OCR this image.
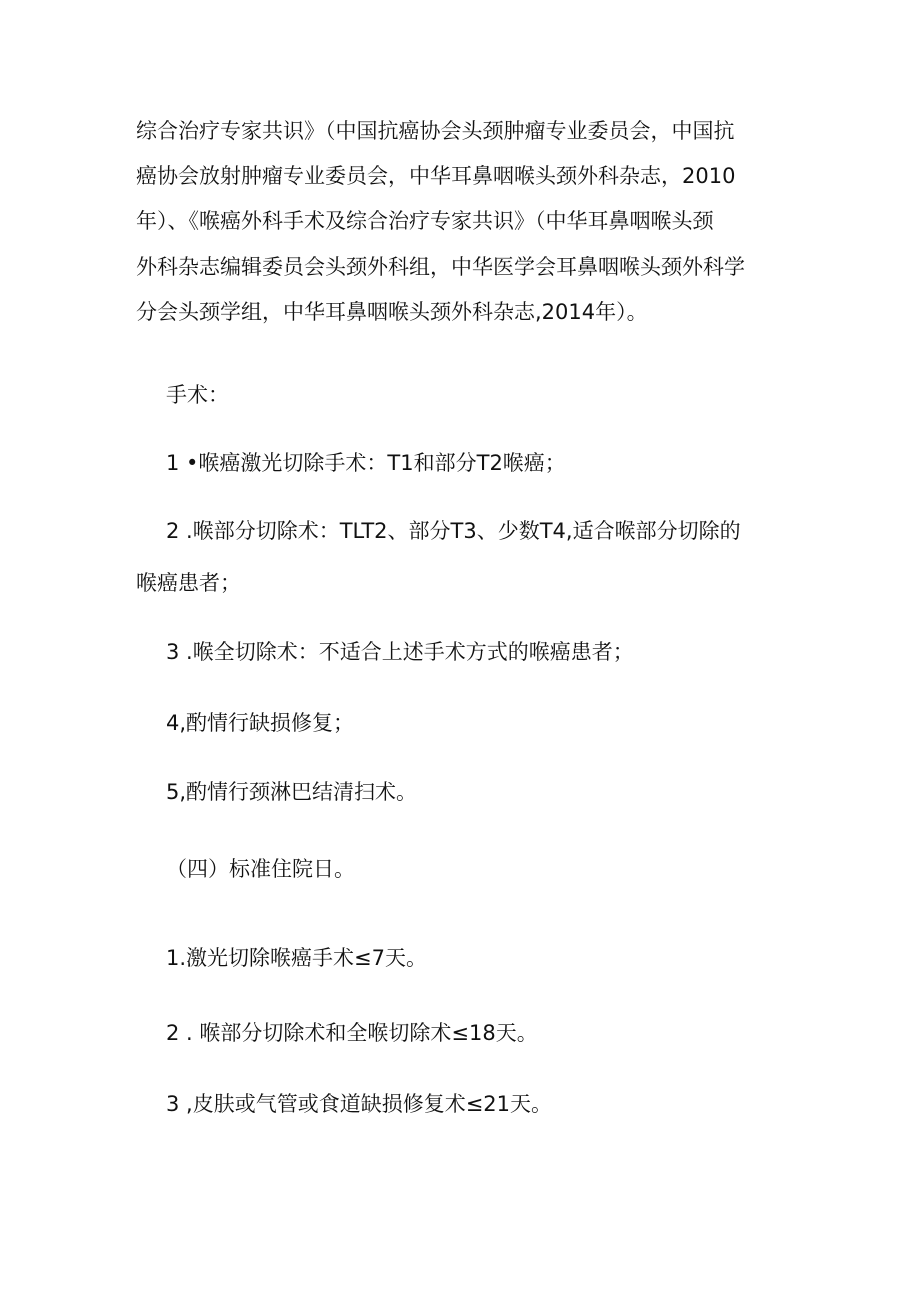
综合治疗专家共识》（中国抗癌协会头颈肿瘤专业委员会，中国抗
癌协会放射肿瘤专业委员会，中华耳鼻咽喉头颈外科杂志，2010
年）、《喉癌外科手术及综合治疗专家共识》（中华耳鼻咽喉头颈
外科杂志编辑委员会头颈外科组，中华医学会耳鼻咽喉头颈外科学
分会头颈学组，中华耳鼻咽喉头颈外科杂志,2014年）。
手术：
1 •喉癌激光切除手术：T1和部分T2喉癌；
2 .喉部分切除术：TLT2、部分T3、少数T4,适合喉部分切除的
喉癌患者；
3 .喉全切除术：不适合上述手术方式的喉癌患者；
4,酌情行缺损修复；
5,酌情行颈淋巴结清扫术。
（四）标准住院日。
1.激光切除喉癌手术≤7天。
2 . 喉部分切除术和全喉切除术≤18天。
3 ,皮肤或气管或食道缺损修复术≤21天。
